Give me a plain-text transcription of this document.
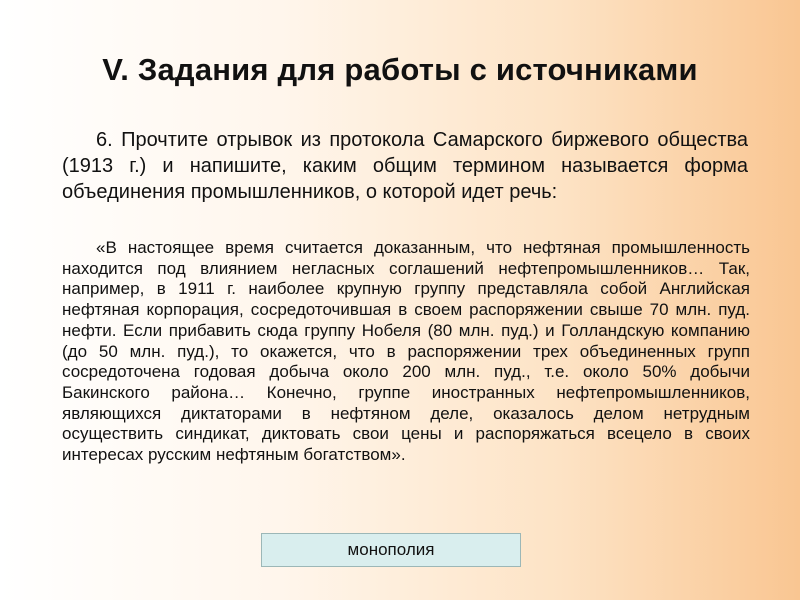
V. Задания для работы с источниками

6. Прочтите отрывок из протокола Самарского биржевого общества (1913 г.) и напишите, каким общим термином называется форма объединения промышленников, о которой идет речь:

«В настоящее время считается доказанным, что нефтяная промышленность находится под влиянием негласных соглашений нефтепромышленников… Так, например, в 1911 г. наиболее крупную группу представляла собой Английская нефтяная корпорация, сосредоточившая в своем распоряжении свыше 70 млн. пуд. нефти. Если прибавить сюда группу Нобеля (80 млн. пуд.) и Голландскую компанию (до 50 млн. пуд.), то окажется, что в распоряжении трех объединенных групп сосредоточена годовая добыча около 200 млн. пуд., т.е. около 50% добычи Бакинского района… Конечно, группе иностранных нефтепромышленников, являющихся диктаторами в нефтяном деле, оказалось делом нетрудным осуществить синдикат, диктовать свои цены и распоряжаться всецело в своих интересах русским нефтяным богатством».

монополия
